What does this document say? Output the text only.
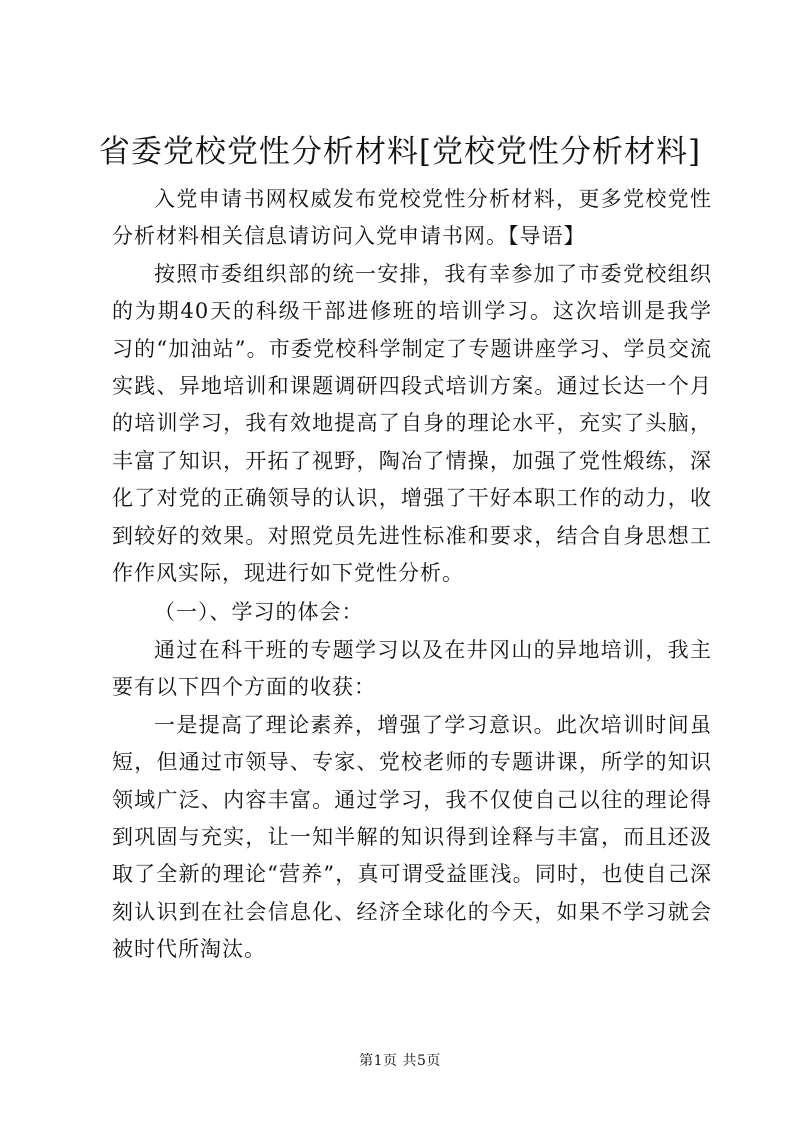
省委党校党性分析材料[党校党性分析材料]

入党申请书网权威发布党校党性分析材料，更多党校党性分析材料相关信息请访问入党申请书网。【导语】

按照市委组织部的统一安排，我有幸参加了市委党校组织的为期40天的科级干部进修班的培训学习。这次培训是我学习的“加油站”。市委党校科学制定了专题讲座学习、学员交流实践、异地培训和课题调研四段式培训方案。通过长达一个月的培训学习，我有效地提高了自身的理论水平，充实了头脑，丰富了知识，开拓了视野，陶冶了情操，加强了党性煅练，深化了对党的正确领导的认识，增强了干好本职工作的动力，收到较好的效果。对照党员先进性标准和要求，结合自身思想工作作风实际，现进行如下党性分析。

（一）、学习的体会：

通过在科干班的专题学习以及在井冈山的异地培训，我主要有以下四个方面的收获：

一是提高了理论素养，增强了学习意识。此次培训时间虽短，但通过市领导、专家、党校老师的专题讲课，所学的知识领域广泛、内容丰富。通过学习，我不仅使自己以往的理论得到巩固与充实，让一知半解的知识得到诠释与丰富，而且还汲取了全新的理论“营养”，真可谓受益匪浅。同时，也使自己深刻认识到在社会信息化、经济全球化的今天，如果不学习就会被时代所淘汰。

第1页 共5页
